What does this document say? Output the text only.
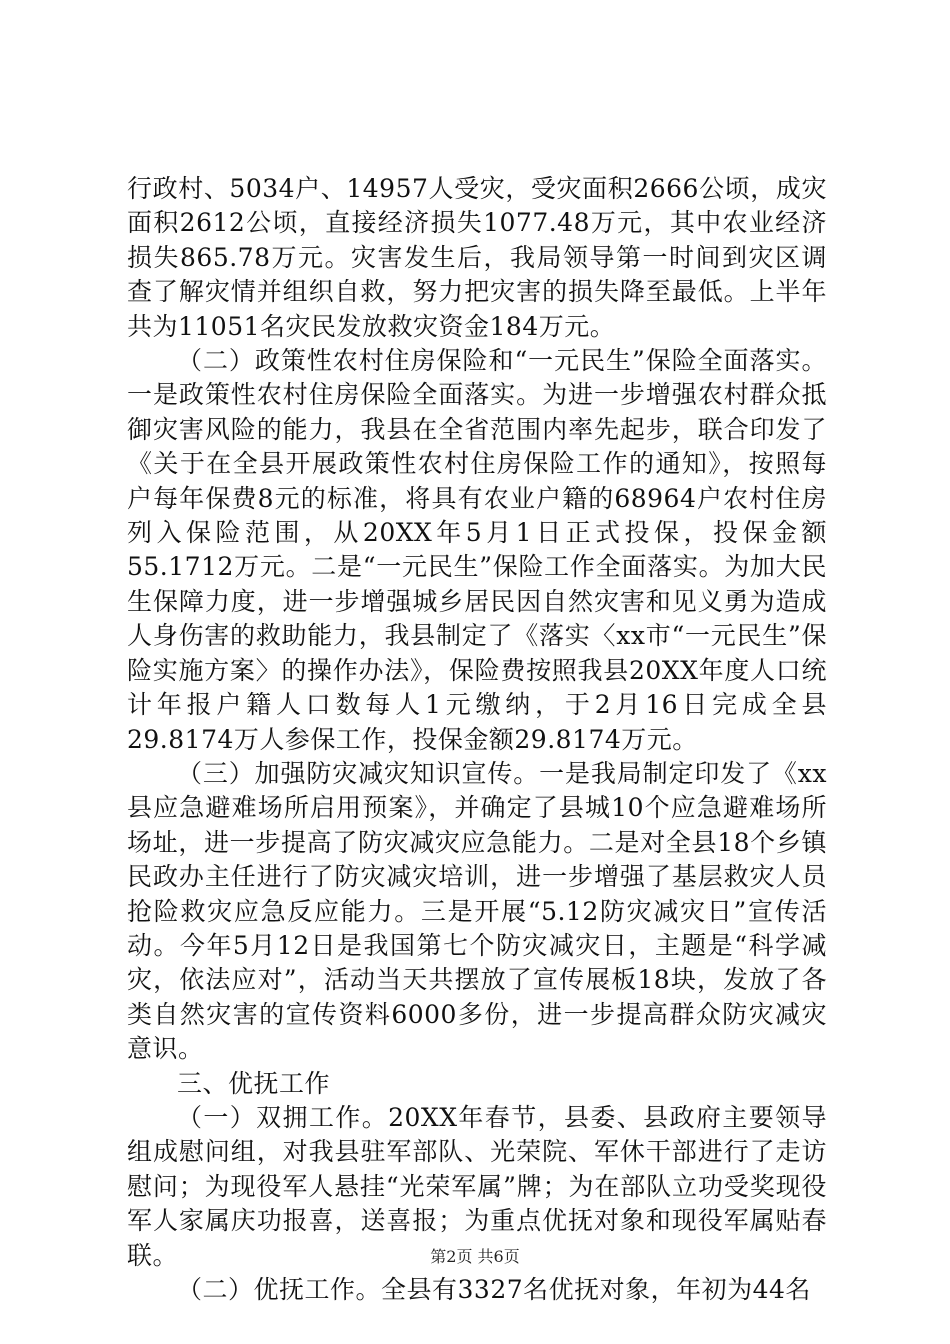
行政村、5034户、14957人受灾，受灾面积2666公顷，成灾面积2612公顷，直接经济损失1077.48万元，其中农业经济损失865.78万元。灾害发生后，我局领导第一时间到灾区调查了解灾情并组织自救，努力把灾害的损失降至最低。上半年共为11051名灾民发放救灾资金184万元。

（二）政策性农村住房保险和“一元民生”保险全面落实。一是政策性农村住房保险全面落实。为进一步增强农村群众抵御灾害风险的能力，我县在全省范围内率先起步，联合印发了《关于在全县开展政策性农村住房保险工作的通知》，按照每户每年保费8元的标准，将具有农业户籍的68964户农村住房列入保险范围，从20XX年5月1日正式投保，投保金额55.1712万元。二是“一元民生”保险工作全面落实。为加大民生保障力度，进一步增强城乡居民因自然灾害和见义勇为造成人身伤害的救助能力，我县制定了《落实〈xx市“一元民生”保险实施方案〉的操作办法》，保险费按照我县20XX年度人口统计年报户籍人口数每人1元缴纳，于2月16日完成全县29.8174万人参保工作，投保金额29.8174万元。

（三）加强防灾减灾知识宣传。一是我局制定印发了《xx县应急避难场所启用预案》，并确定了县城10个应急避难场所场址，进一步提高了防灾减灾应急能力。二是对全县18个乡镇民政办主任进行了防灾减灾培训，进一步增强了基层救灾人员抢险救灾应急反应能力。三是开展“5.12防灾减灾日”宣传活动。今年5月12日是我国第七个防灾减灾日，主题是“科学减灾，依法应对”，活动当天共摆放了宣传展板18块，发放了各类自然灾害的宣传资料6000多份，进一步提高群众防灾减灾意识。

三、优抚工作

（一）双拥工作。20XX年春节，县委、县政府主要领导组成慰问组，对我县驻军部队、光荣院、军休干部进行了走访慰问；为现役军人悬挂“光荣军属”牌；为在部队立功受奖现役军人家属庆功报喜，送喜报；为重点优抚对象和现役军属贴春联。

（二）优抚工作。全县有3327名优抚对象，年初为44名

第2页 共6页
